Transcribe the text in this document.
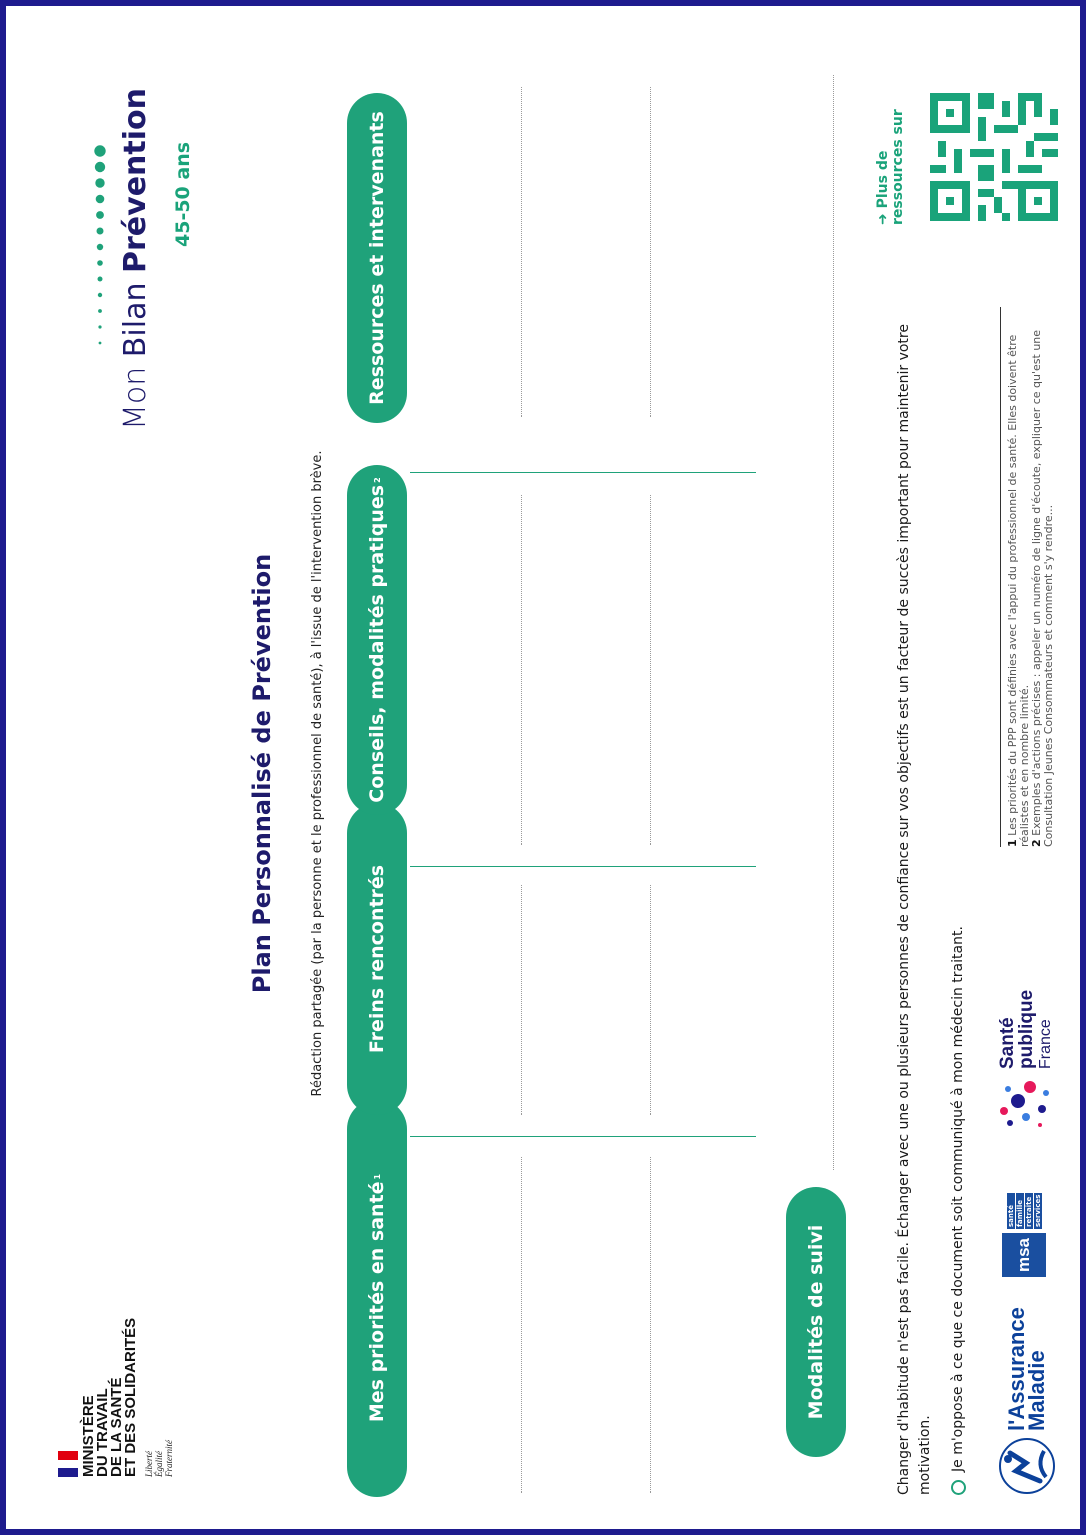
MINISTÈRE
DU TRAVAIL
DE LA SANTÉ
ET DES SOLIDARITÉS Liberté Égalité Fraternité
Plan Personnalisé de Prévention	Rédaction partagée (par la personne et le professionnel de santé), à l'issue de l'intervention brève.
Mon Bilan Prévention 45-50 ans
Mes priorités en santé
1
Freins rencontrés
Conseils, modalités pratiques
2
Ressources et intervenants
Modalités de suivi	Changer d'habitude n'est pas facile. Échanger avec une ou plusieurs personnes de confiance sur vos objectifs est un facteur de succès important pour maintenir votre motivation. Je m'oppose à ce que ce document soit communiqué à mon médecin traitant. l'Assurance
Maladie
msa
santé famille retraite services
Santé
publique France
1 Les priorités du PPP sont définies avec l'appui du professionnel de santé. Elles doivent être réalistes et en nombre limité. 2 Exemples d'actions précises : appeler un numéro de ligne d'écoute, expliquer ce qu'est une Consultation Jeunes Consommateurs et comment s'y rendre...
➜ Plus de ressources sur
